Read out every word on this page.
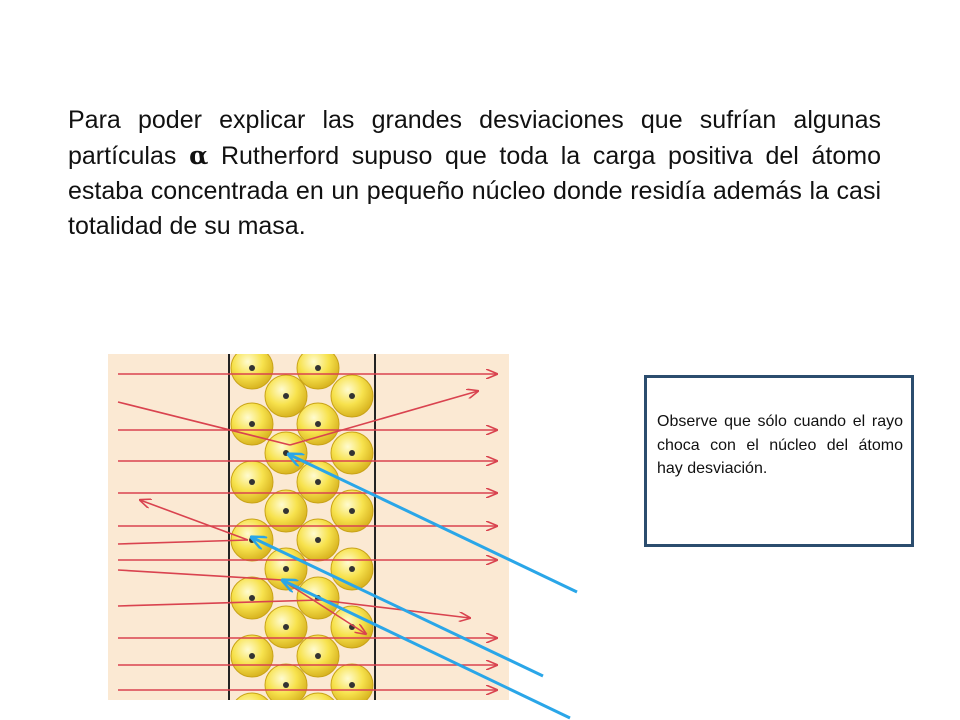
Para poder explicar las grandes desviaciones que sufrían algunas partículas α Rutherford supuso que toda la carga positiva del átomo estaba concentrada en un pequeño núcleo donde residía además la casi totalidad de su masa.

Observe que sólo cuando el rayo choca con el núcleo del átomo hay desviación.
